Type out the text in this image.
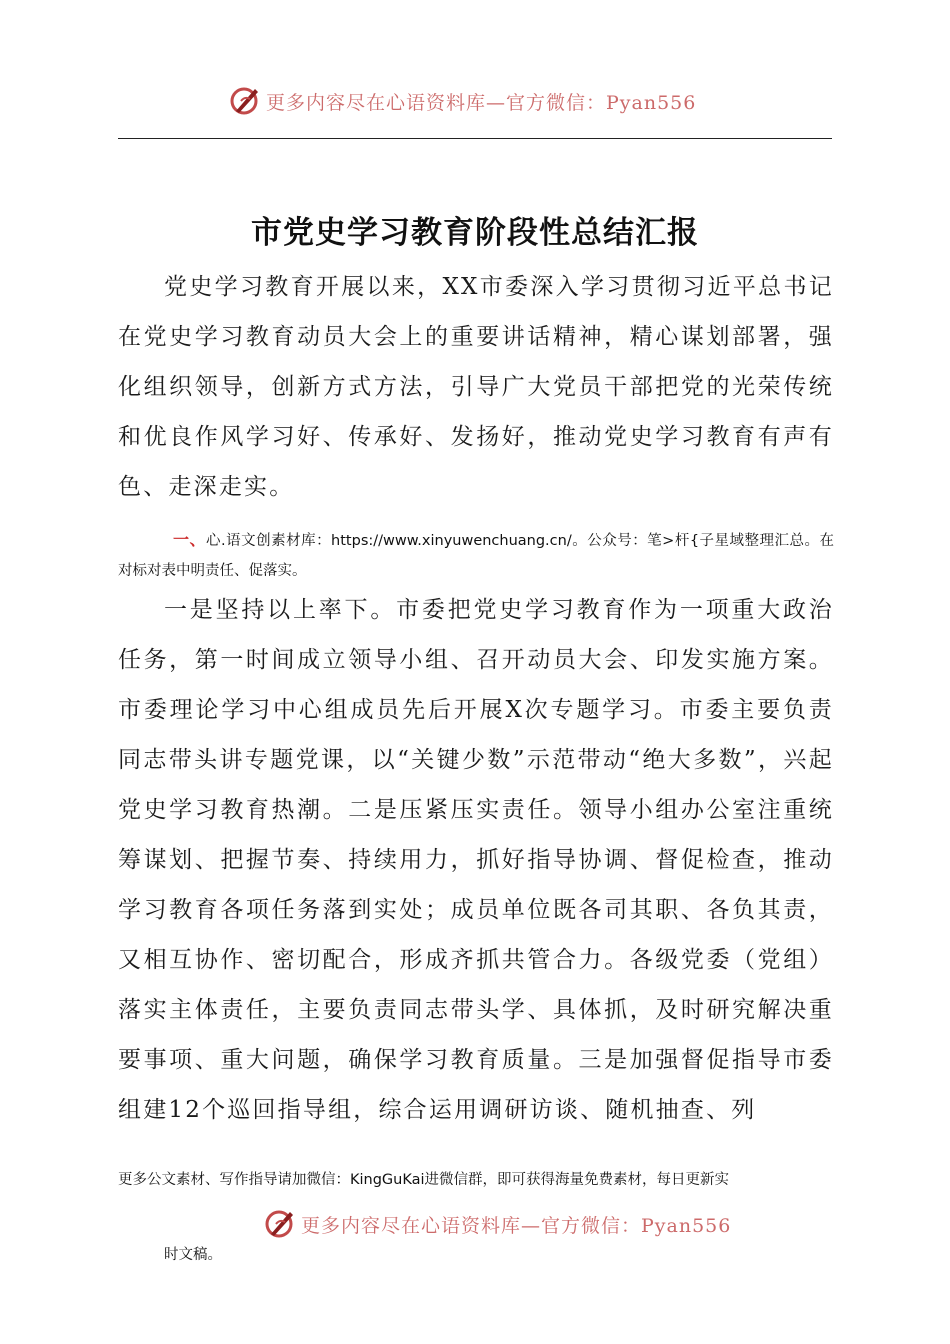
更多内容尽在心语资料库—官方微信：Pyan556
市党史学习教育阶段性总结汇报

党史学习教育开展以来，XX市委深入学习贯彻习近平总书记在党史学习教育动员大会上的重要讲话精神，精心谋划部署，强化组织领导，创新方式方法，引导广大党员干部把党的光荣传统和优良作风学习好、传承好、发扬好，推动党史学习教育有声有色、走深走实。

一、心.语文创素材库：https://www.xinyuwenchuang.cn/。公众号：笔>杆{子星域整理汇总。在对标对表中明责任、促落实。

一是坚持以上率下。市委把党史学习教育作为一项重大政治任务，第一时间成立领导小组、召开动员大会、印发实施方案。市委理论学习中心组成员先后开展X次专题学习。市委主要负责同志带头讲专题党课，以“关键少数”示范带动“绝大多数”，兴起党史学习教育热潮。二是压紧压实责任。领导小组办公室注重统筹谋划、把握节奏、持续用力，抓好指导协调、督促检查，推动学习教育各项任务落到实处；成员单位既各司其职、各负其责，又相互协作、密切配合，形成齐抓共管合力。各级党委（党组）落实主体责任，主要负责同志带头学、具体抓，及时研究解决重要事项、重大问题，确保学习教育质量。三是加强督促指导市委组建12个巡回指导组，综合运用调研访谈、随机抽查、列

更多公文素材、写作指导请加微信：KingGuKai进微信群，即可获得海量免费素材，每日更新实

更多内容尽在心语资料库—官方微信：Pyan556

时文稿。
